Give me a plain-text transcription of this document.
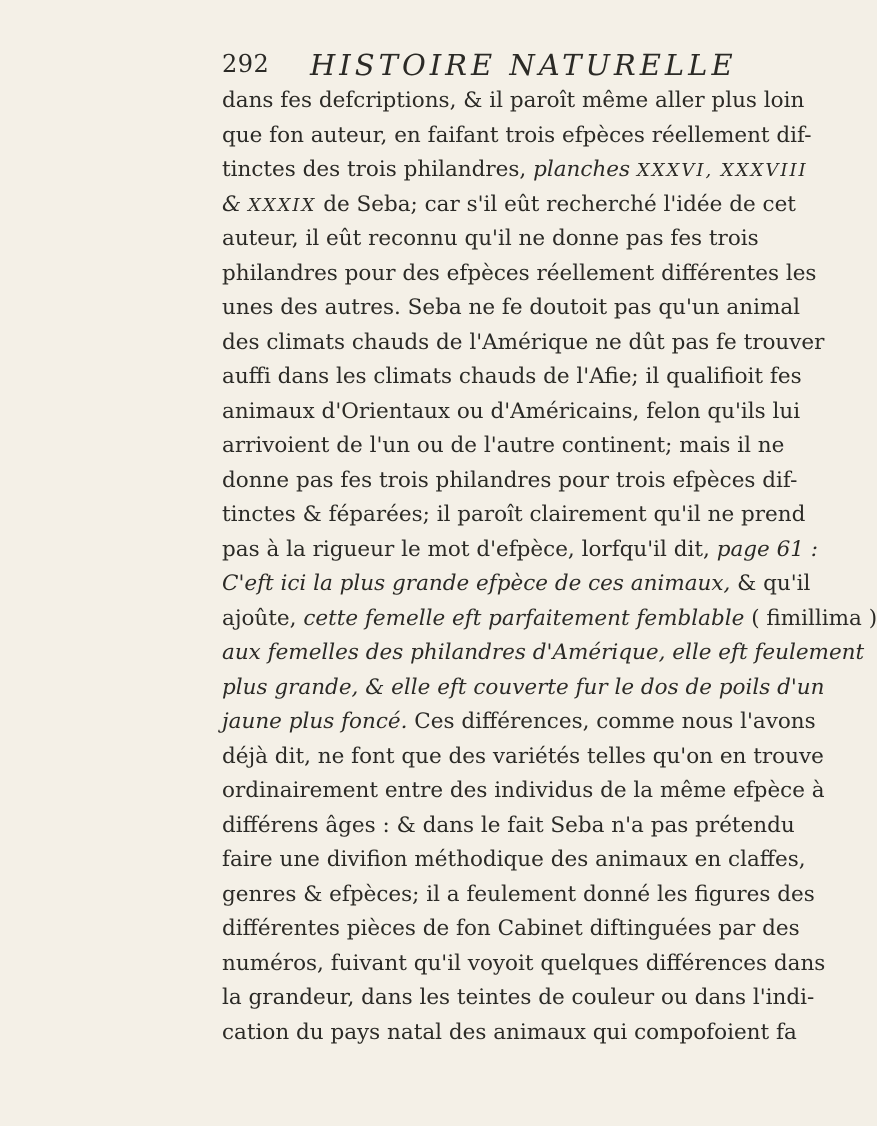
292 HISTOIRE NATURELLE
dans fes defcriptions, & il paroît même aller plus loin
que fon auteur, en faifant trois efpèces réellement dif-
tinctes des trois philandres, planches XXXVI, XXXVIII
& XXXIX de Seba; car s'il eût recherché l'idée de cet
auteur, il eût reconnu qu'il ne donne pas fes trois
philandres pour des efpèces réellement différentes les
unes des autres. Seba ne fe doutoit pas qu'un animal
des climats chauds de l'Amérique ne dût pas fe trouver
auffi dans les climats chauds de l'Afie; il qualifioit fes
animaux d'Orientaux ou d'Américains, felon qu'ils lui
arrivoient de l'un ou de l'autre continent; mais il ne
donne pas fes trois philandres pour trois efpèces dif-
tinctes & féparées; il paroît clairement qu'il ne prend
pas à la rigueur le mot d'efpèce, lorfqu'il dit, page 61 :
C'eft ici la plus grande efpèce de ces animaux, & qu'il
ajoûte, cette femelle eft parfaitement femblable ( fimillima )
aux femelles des philandres d'Amérique, elle eft feulement
plus grande, & elle eft couverte fur le dos de poils d'un
jaune plus foncé. Ces différences, comme nous l'avons
déjà dit, ne font que des variétés telles qu'on en trouve
ordinairement entre des individus de la même efpèce à
différens âges : & dans le fait Seba n'a pas prétendu
faire une divifion méthodique des animaux en claffes,
genres & efpèces; il a feulement donné les figures des
différentes pièces de fon Cabinet diftinguées par des
numéros, fuivant qu'il voyoit quelques différences dans
la grandeur, dans les teintes de couleur ou dans l'indi-
cation du pays natal des animaux qui compofoient fa
